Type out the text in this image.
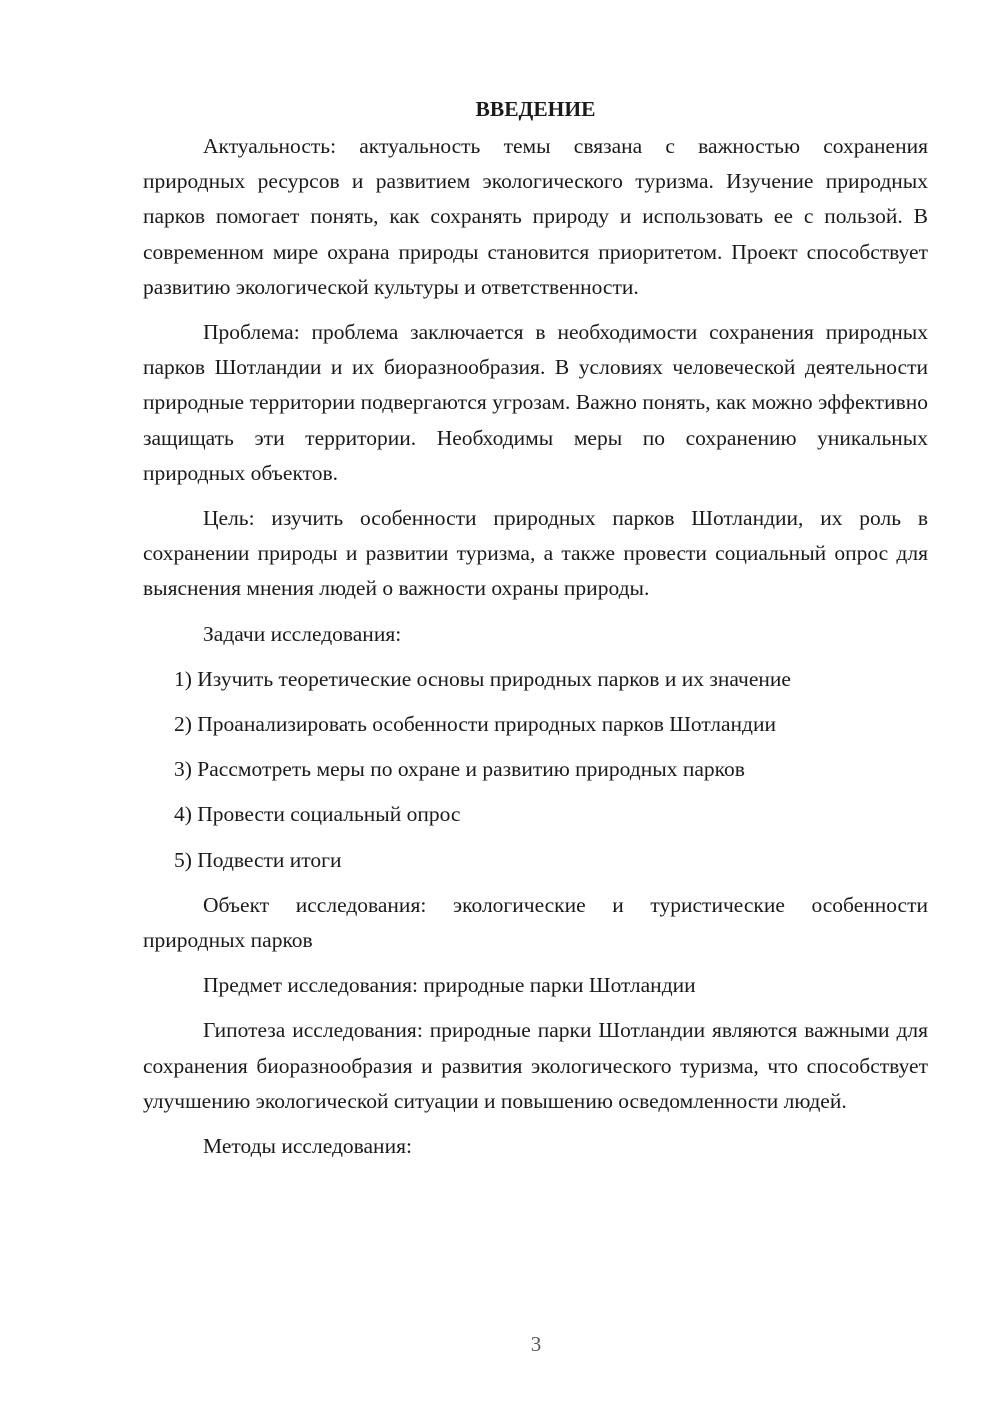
ВВЕДЕНИЕ

Актуальность: актуальность темы связана с важностью сохранения природных ресурсов и развитием экологического туризма. Изучение природных парков помогает понять, как сохранять природу и использовать ее с пользой. В современном мире охрана природы становится приоритетом. Проект способствует развитию экологической культуры и ответственности.

Проблема: проблема заключается в необходимости сохранения природных парков Шотландии и их биоразнообразия. В условиях человеческой деятельности природные территории подвергаются угрозам. Важно понять, как можно эффективно защищать эти территории. Необходимы меры по сохранению уникальных природных объектов.

Цель: изучить особенности природных парков Шотландии, их роль в сохранении природы и развитии туризма, а также провести социальный опрос для выяснения мнения людей о важности охраны природы.

Задачи исследования:
1) Изучить теоретические основы природных парков и их значение
2) Проанализировать особенности природных парков Шотландии
3) Рассмотреть меры по охране и развитию природных парков
4) Провести социальный опрос
5) Подвести итоги

Объект исследования: экологические и туристические особенности природных парков

Предмет исследования: природные парки Шотландии

Гипотеза исследования: природные парки Шотландии являются важными для сохранения биоразнообразия и развития экологического туризма, что способствует улучшению экологической ситуации и повышению осведомленности людей.

Методы исследования:
3
